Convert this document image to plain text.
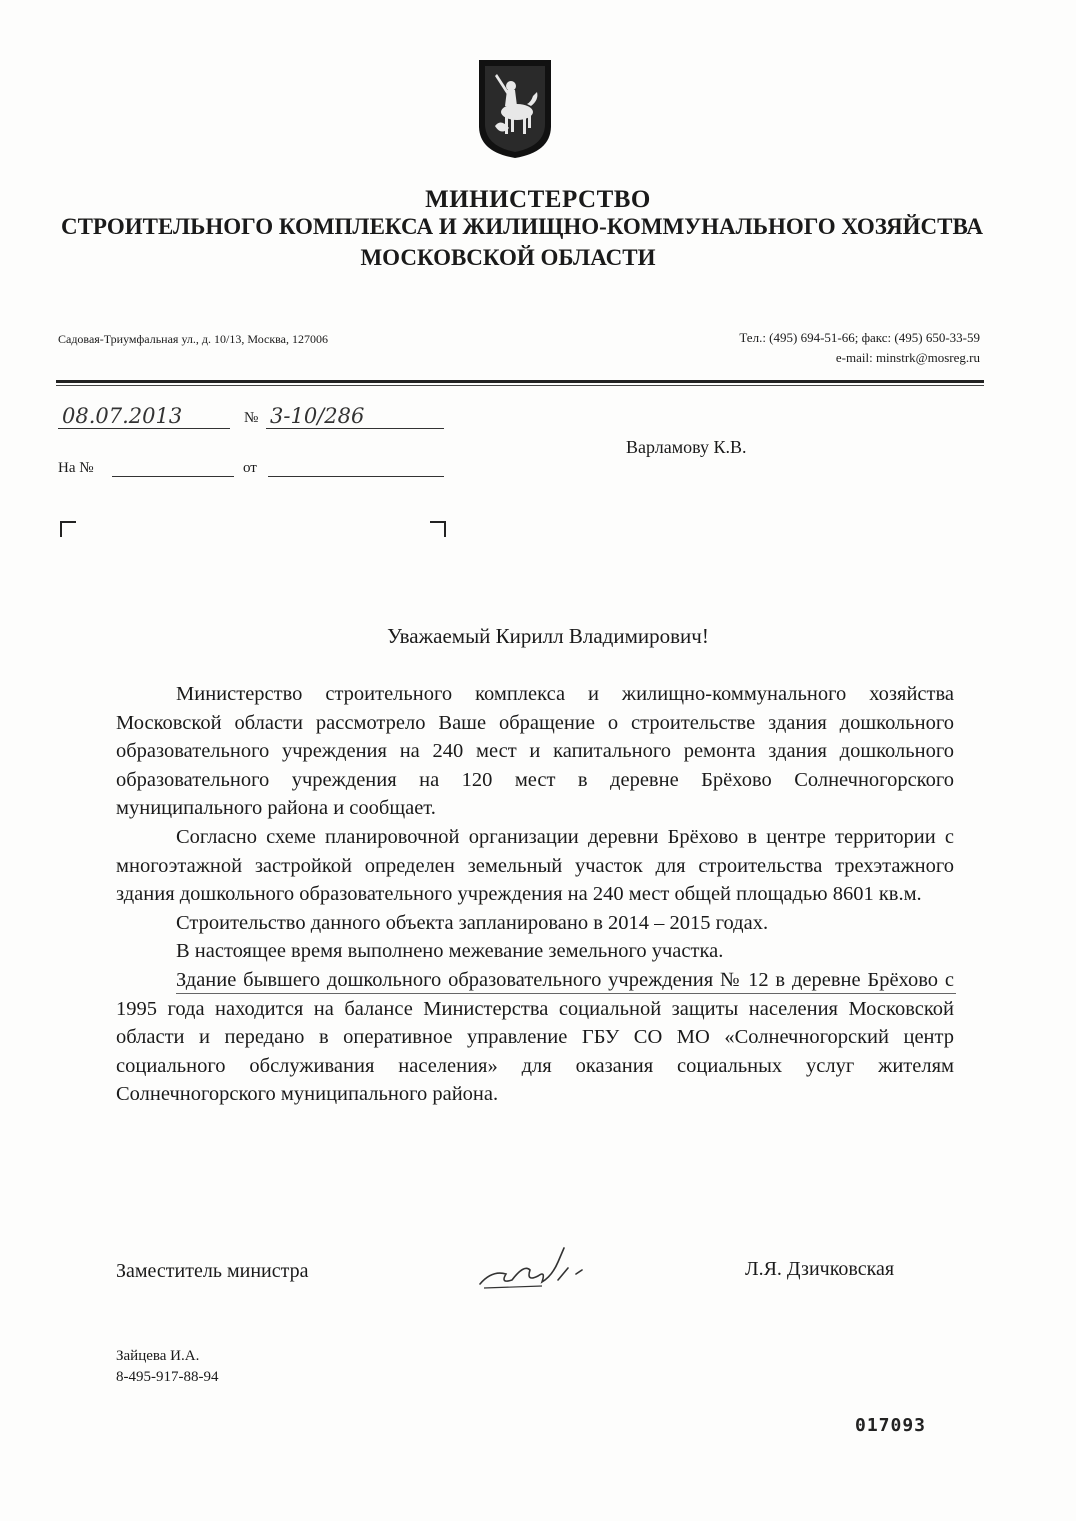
МИНИСТЕРСТВО
СТРОИТЕЛЬНОГО КОМПЛЕКСА И ЖИЛИЩНО-КОММУНАЛЬНОГО ХОЗЯЙСТВА
МОСКОВСКОЙ ОБЛАСТИ
Садовая-Триумфальная ул., д. 10/13, Москва, 127006	Тел.: (495) 694-51-66; факс: (495) 650-33-59
e-mail: minstrk@mosreg.ru
08.07.2013	№ 3-10/286
На №	от
Варламову К.В.
Уважаемый Кирилл Владимирович!

Министерство строительного комплекса и жилищно-коммунального хозяйства Московской области рассмотрело Ваше обращение о строительстве здания дошкольного образовательного учреждения на 240 мест и капитального ремонта здания дошкольного образовательного учреждения на 120 мест в деревне Брёхово Солнечногорского муниципального района и сообщает.

Согласно схеме планировочной организации деревни Брёхово в центре территории с многоэтажной застройкой определен земельный участок для строительства трехэтажного здания дошкольного образовательного учреждения на 240 мест общей площадью 8601 кв.м.

Строительство данного объекта запланировано в 2014 – 2015 годах.

В настоящее время выполнено межевание земельного участка.

Здание бывшего дошкольного образовательного учреждения № 12 в деревне Брёхово с 1995 года находится на балансе Министерства социальной защиты населения Московской области и передано в оперативное управление ГБУ СО МО «Солнечногорский центр социального обслуживания населения» для оказания социальных услуг жителям Солнечногорского муниципального района.

Заместитель министра	Л.Я. Дзичковская
Зайцева И.А.
8-495-917-88-94
017093
